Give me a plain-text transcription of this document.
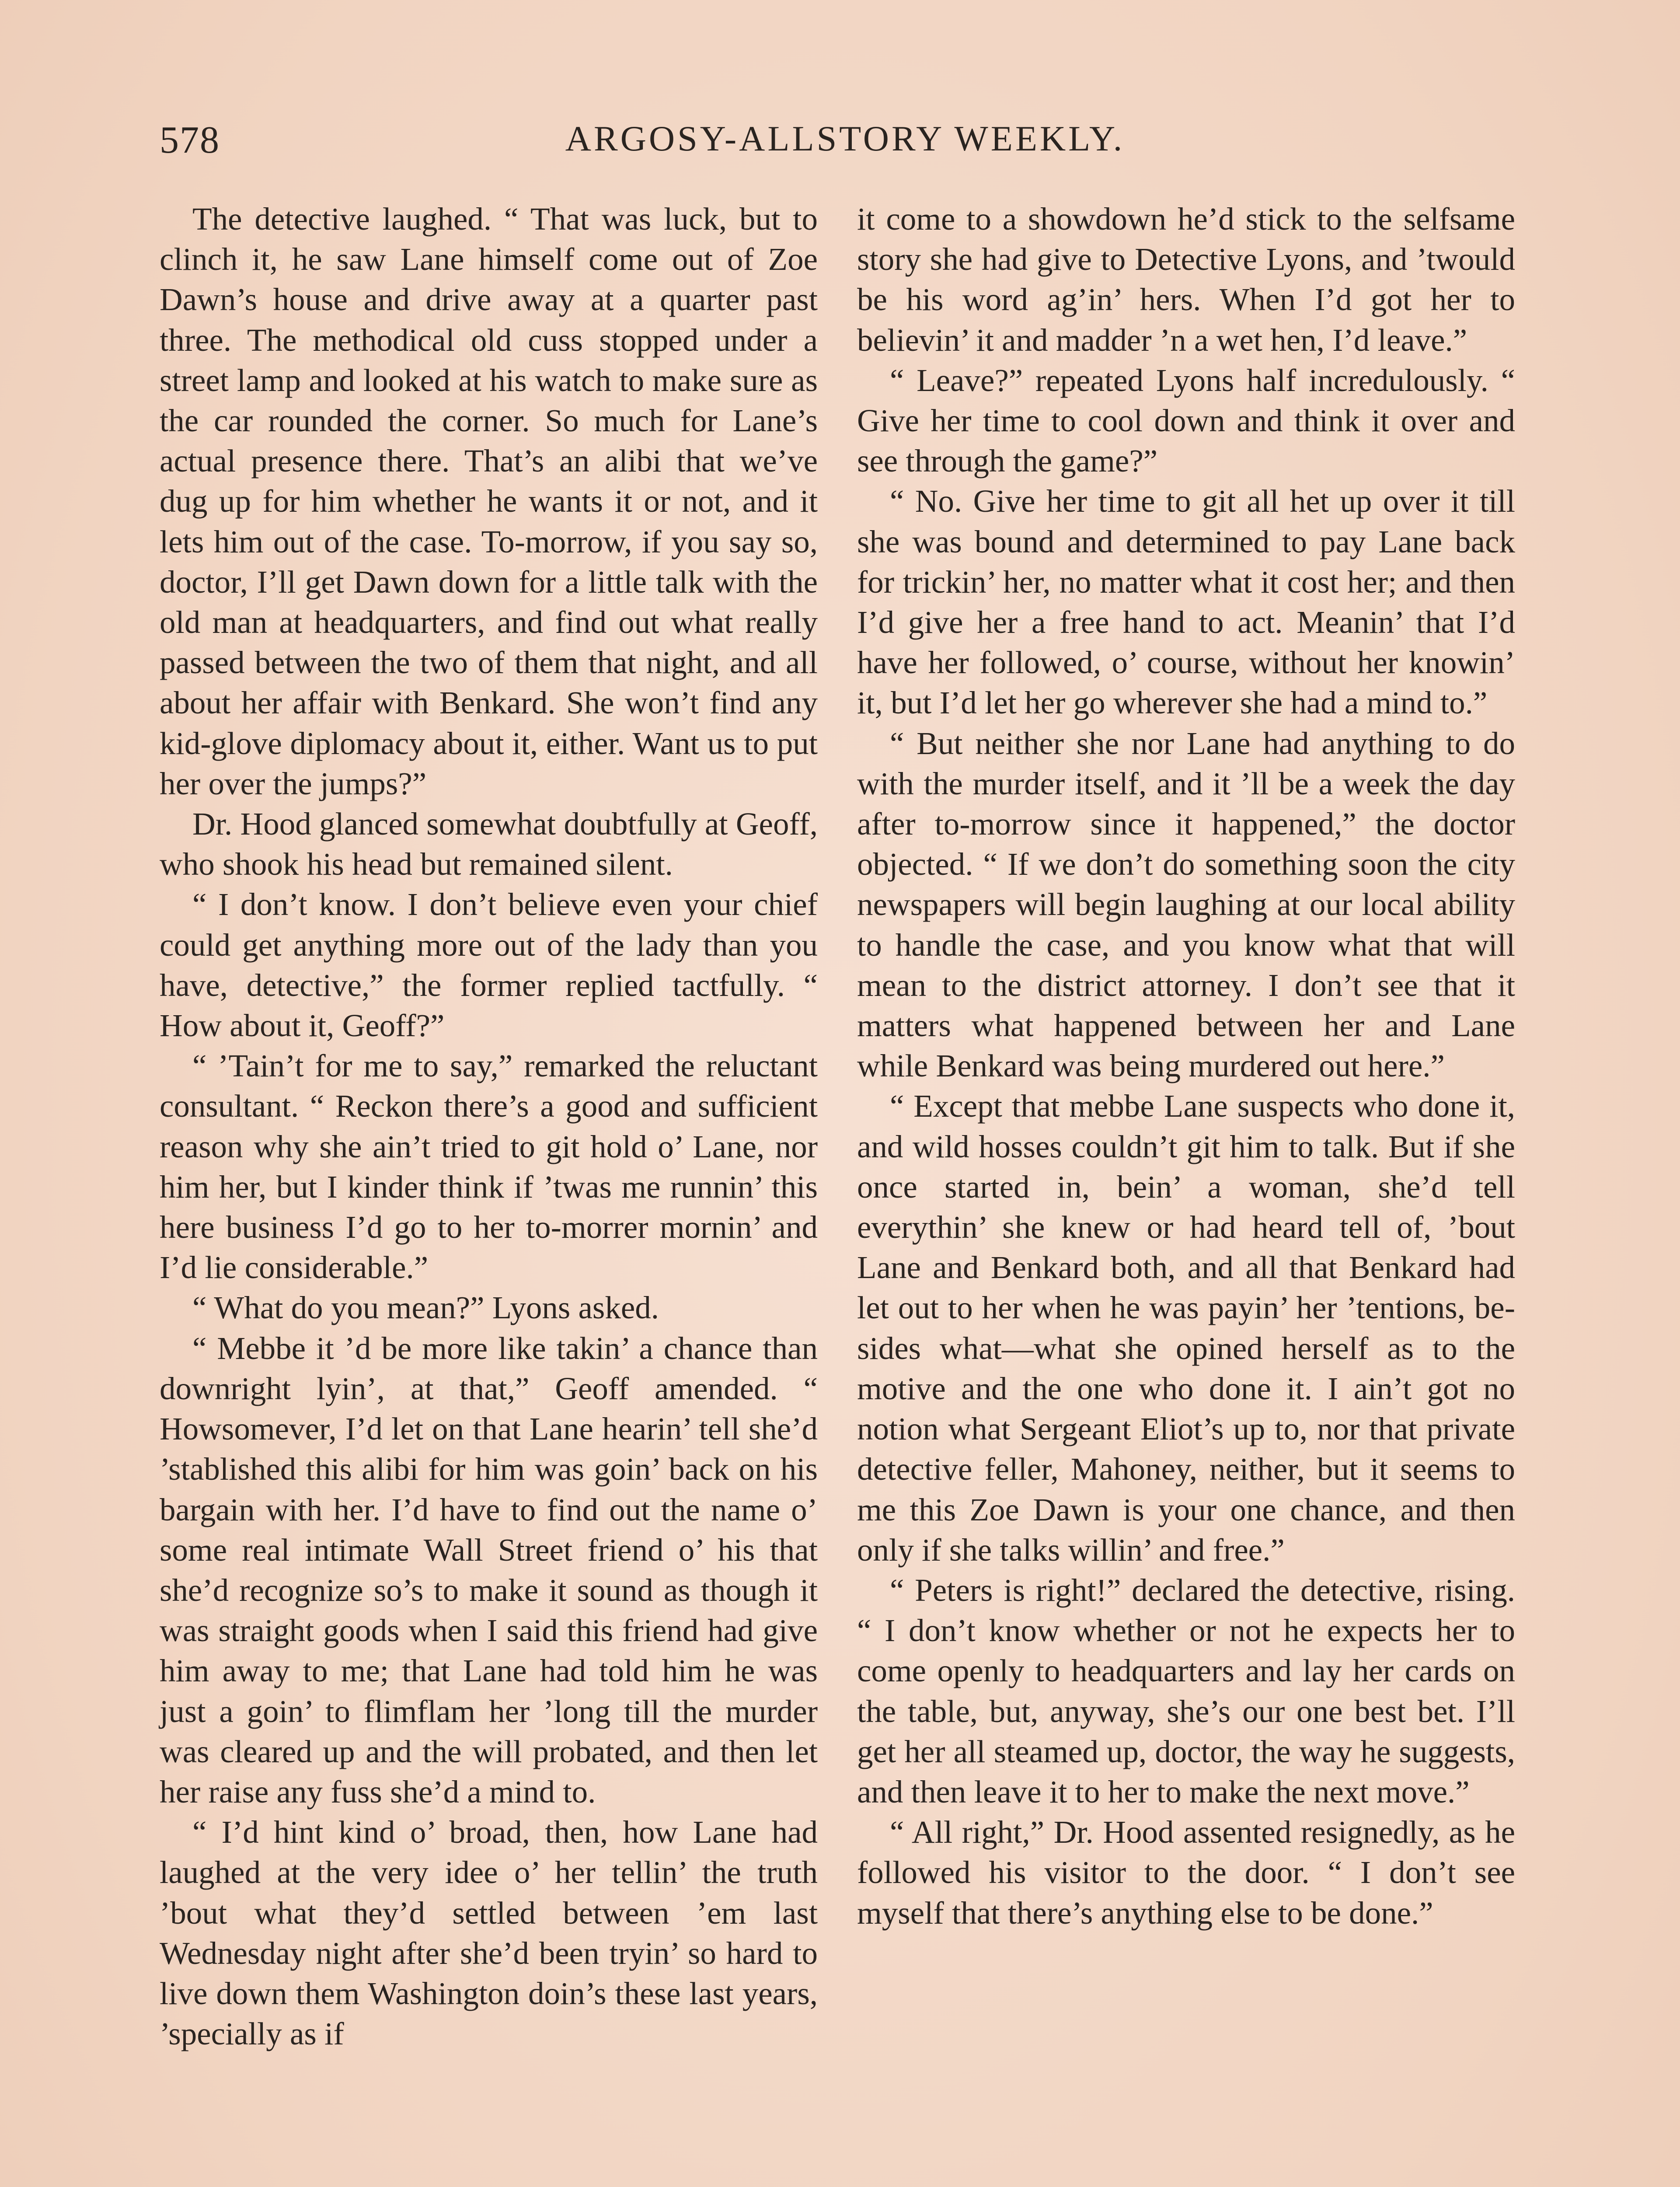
578	ARGOSY-ALLSTORY WEEKLY.

The detective laughed. “ That was luck, but to clinch it, he saw Lane himself come out of Zoe Dawn’s house and drive away at a quarter past three. The methodical old cuss stopped under a street lamp and looked at his watch to make sure as the car rounded the corner. So much for Lane’s actual presence there. That’s an alibi that we’ve dug up for him whether he wants it or not, and it lets him out of the case. To-morrow, if you say so, doctor, I’ll get Dawn down for a little talk with the old man at headquarters, and find out what really passed between the two of them that night, and all about her affair with Benkard. She won’t find any kid-glove diplomacy about it, either. Want us to put her over the jumps?”

Dr. Hood glanced somewhat doubtfully at Geoff, who shook his head but remained silent.

“ I don’t know. I don’t believe even your chief could get anything more out of the lady than you have, detective,” the former replied tactfully. “ How about it, Geoff?”

“ ’Tain’t for me to say,” remarked the reluctant consultant. “ Reckon there’s a good and sufficient reason why she ain’t tried to git hold o’ Lane, nor him her, but I kinder think if ’twas me runnin’ this here business I’d go to her to-morrer mornin’ and I’d lie considerable.”

“ What do you mean?” Lyons asked.

“ Mebbe it ’d be more like takin’ a chance than downright lyin’, at that,” Geoff amended. “ Howsomever, I’d let on that Lane hearin’ tell she’d ’stablished this alibi for him was goin’ back on his bargain with her. I’d have to find out the name o’ some real intimate Wall Street friend o’ his that she’d recognize so’s to make it sound as though it was straight goods when I said this friend had give him away to me; that Lane had told him he was just a goin’ to flimflam her ’long till the murder was cleared up and the will probated, and then let her raise any fuss she’d a mind to.

“ I’d hint kind o’ broad, then, how Lane had laughed at the very idee o’ her tellin’ the truth ’bout what they’d settled between ’em last Wednesday night after she’d been tryin’ so hard to live down them Washington doin’s these last years, ’specially as if

it come to a showdown he’d stick to the selfsame story she had give to Detective Lyons, and ’twould be his word ag’in’ hers. When I’d got her to believin’ it and madder ’n a wet hen, I’d leave.”

“ Leave?” repeated Lyons half incredulously. “ Give her time to cool down and think it over and see through the game?”

“ No. Give her time to git all het up over it till she was bound and determined to pay Lane back for trickin’ her, no matter what it cost her; and then I’d give her a free hand to act. Meanin’ that I’d have her followed, o’ course, without her knowin’ it, but I’d let her go wherever she had a mind to.”

“ But neither she nor Lane had anything to do with the murder itself, and it ’ll be a week the day after to-morrow since it happened,” the doctor objected. “ If we don’t do something soon the city newspapers will begin laughing at our local ability to handle the case, and you know what that will mean to the district attorney. I don’t see that it matters what happened between her and Lane while Benkard was being murdered out here.”

“ Except that mebbe Lane suspects who done it, and wild hosses couldn’t git him to talk. But if she once started in, bein’ a woman, she’d tell everythin’ she knew or had heard tell of, ’bout Lane and Benkard both, and all that Benkard had let out to her when he was payin’ her ’tentions, besides what—what she opined herself as to the motive and the one who done it. I ain’t got no notion what Sergeant Eliot’s up to, nor that private detective feller, Mahoney, neither, but it seems to me this Zoe Dawn is your one chance, and then only if she talks willin’ and free.”

“ Peters is right!” declared the detective, rising. “ I don’t know whether or not he expects her to come openly to headquarters and lay her cards on the table, but, anyway, she’s our one best bet. I’ll get her all steamed up, doctor, the way he suggests, and then leave it to her to make the next move.”

“ All right,” Dr. Hood assented resignedly, as he followed his visitor to the door. “ I don’t see myself that there’s anything else to be done.”
